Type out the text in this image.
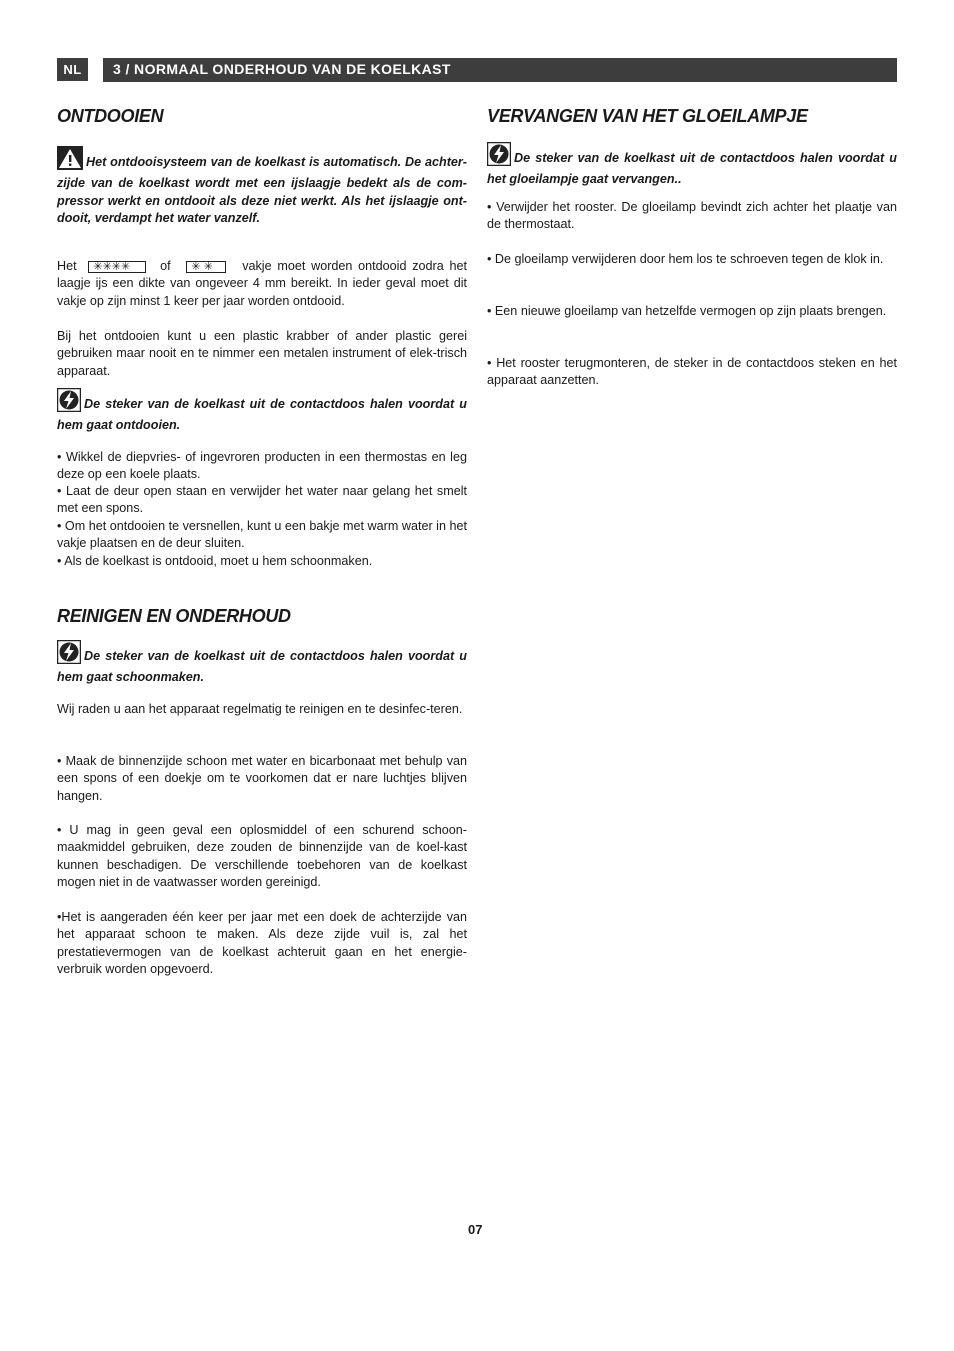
NL	3 / NORMAAL ONDERHOUD VAN DE KOELKAST
ONTDOOIEN

Het ontdooisysteem van de koelkast is automatisch. De achter-zijde van de koelkast wordt met een ijslaagje bedekt als de com-pressor werkt en ontdooit als deze niet werkt. Als het ijslaagje ont-dooit, verdampt het water vanzelf.

Het ✳✳✳✳ of ✳ ✳ vakje moet worden ontdooid zodra het laagje ijs een dikte van ongeveer 4 mm bereikt. In ieder geval moet dit vakje op zijn minst 1 keer per jaar worden ontdooid.

Bij het ontdooien kunt u een plastic krabber of ander plastic gerei gebruiken maar nooit en te nimmer een metalen instrument of elek-trisch apparaat.

De steker van de koelkast uit de contactdoos halen voordat u hem gaat ontdooien.

• Wikkel de diepvries- of ingevroren producten in een thermostas en leg deze op een koele plaats.

• Laat de deur open staan en verwijder het water naar gelang het smelt met een spons.

• Om het ontdooien te versnellen, kunt u een bakje met warm water in het vakje plaatsen en de deur sluiten.

• Als de koelkast is ontdooid, moet u hem schoonmaken.

REINIGEN EN ONDERHOUD

De steker van de koelkast uit de contactdoos halen voordat u hem gaat schoonmaken.

Wij raden u aan het apparaat regelmatig te reinigen en te desinfec-teren.

• Maak de binnenzijde schoon met water en bicarbonaat met behulp van een spons of een doekje om te voorkomen dat er nare luchtjes blijven hangen.

• U mag in geen geval een oplosmiddel of een schurend schoon-maakmiddel gebruiken, deze zouden de binnenzijde van de koel-kast kunnen beschadigen. De verschillende toebehoren van de koelkast mogen niet in de vaatwasser worden gereinigd.

•Het is aangeraden één keer per jaar met een doek de achterzijde van het apparaat schoon te maken. Als deze zijde vuil is, zal het prestatievermogen van de koelkast achteruit gaan en het energie-verbruik worden opgevoerd.

VERVANGEN VAN HET GLOEILAMPJE

De steker van de koelkast uit de contactdoos halen voordat u het gloeilampje gaat vervangen..

• Verwijder het rooster. De gloeilamp bevindt zich achter het plaatje van de thermostaat.

• De gloeilamp verwijderen door hem los te schroeven tegen de klok in.

• Een nieuwe gloeilamp van hetzelfde vermogen op zijn plaats brengen.

• Het rooster terugmonteren, de steker in de contactdoos steken en het apparaat aanzetten.

07
